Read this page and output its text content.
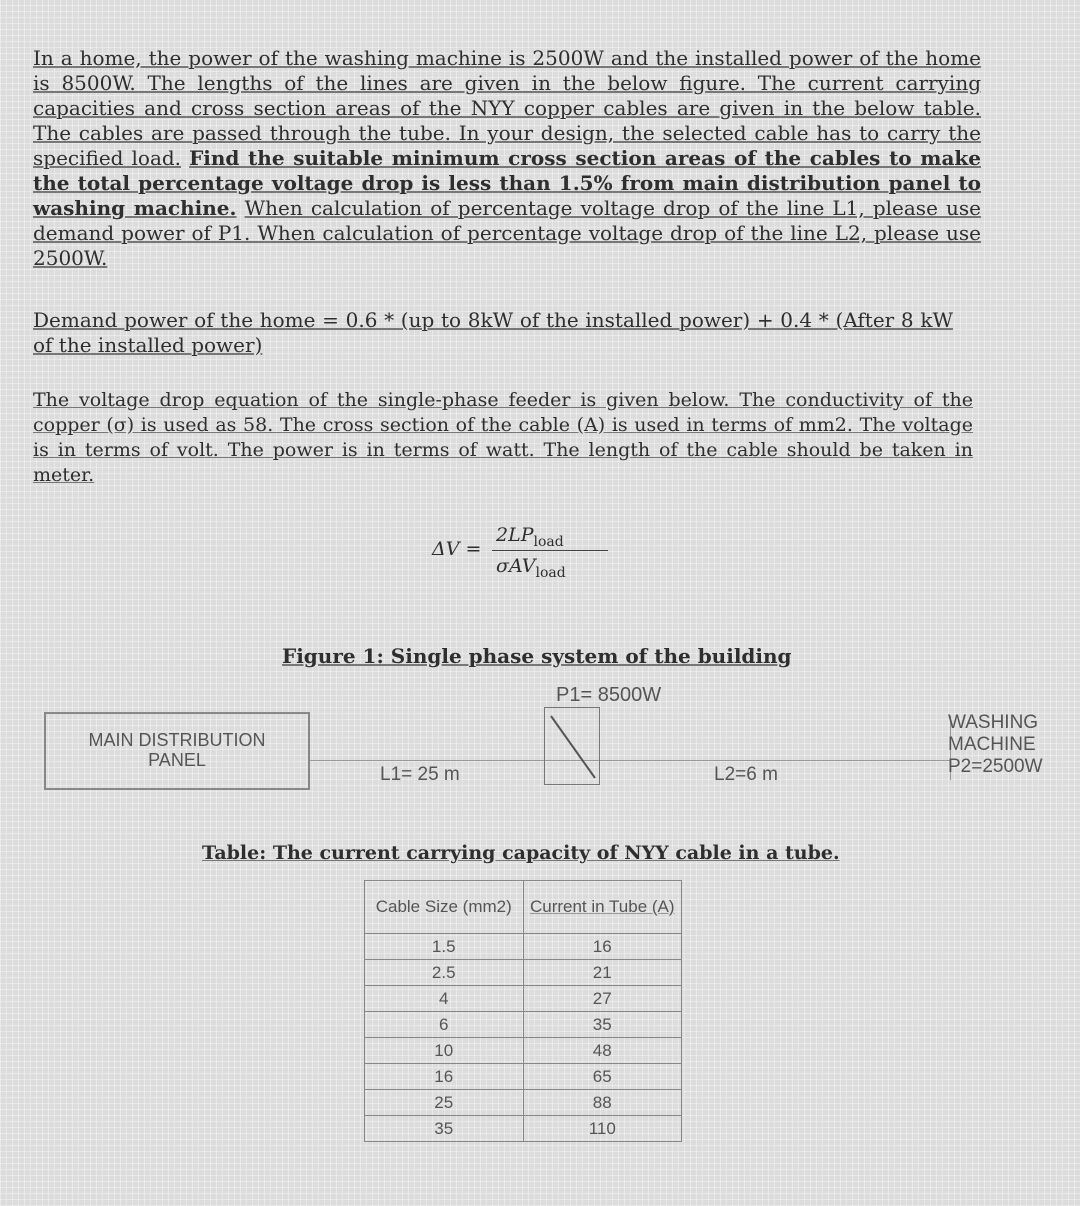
In a home, the power of the washing machine is 2500W and the installed power of the home is 8500W. The lengths of the lines are given in the below figure. The current carrying capacities and cross section areas of the NYY copper cables are given in the below table. The cables are passed through the tube. In your design, the selected cable has to carry the specified load. Find the suitable minimum cross section areas of the cables to make the total percentage voltage drop is less than 1.5% from main distribution panel to washing machine. When calculation of percentage voltage drop of the line L1, please use demand power of P1. When calculation of percentage voltage drop of the line L2, please use 2500W.

Demand power of the home = 0.6 * (up to 8kW of the installed power) + 0.4 * (After 8 kW of the installed power)

The voltage drop equation of the single-phase feeder is given below. The conductivity of the copper (σ) is used as 58. The cross section of the cable (A) is used in terms of mm2. The voltage is in terms of volt. The power is in terms of watt. The length of the cable should be taken in meter.

ΔV =
$2LP_{load}$
σAV$_{load}$
Figure 1: Single phase system of the building
MAIN DISTRIBUTION
PANEL
P1= 8500W
L1= 25 m	L2=6 m
WASHING
MACHINE
P2=2500W
Table: The current carrying capacity of NYY cable in a tube.
Cable Size (mm2)	Current in Tube (A)
1.5	16
2.5	21
4	27
6	35
10	48
16	65
25	88
35	110
